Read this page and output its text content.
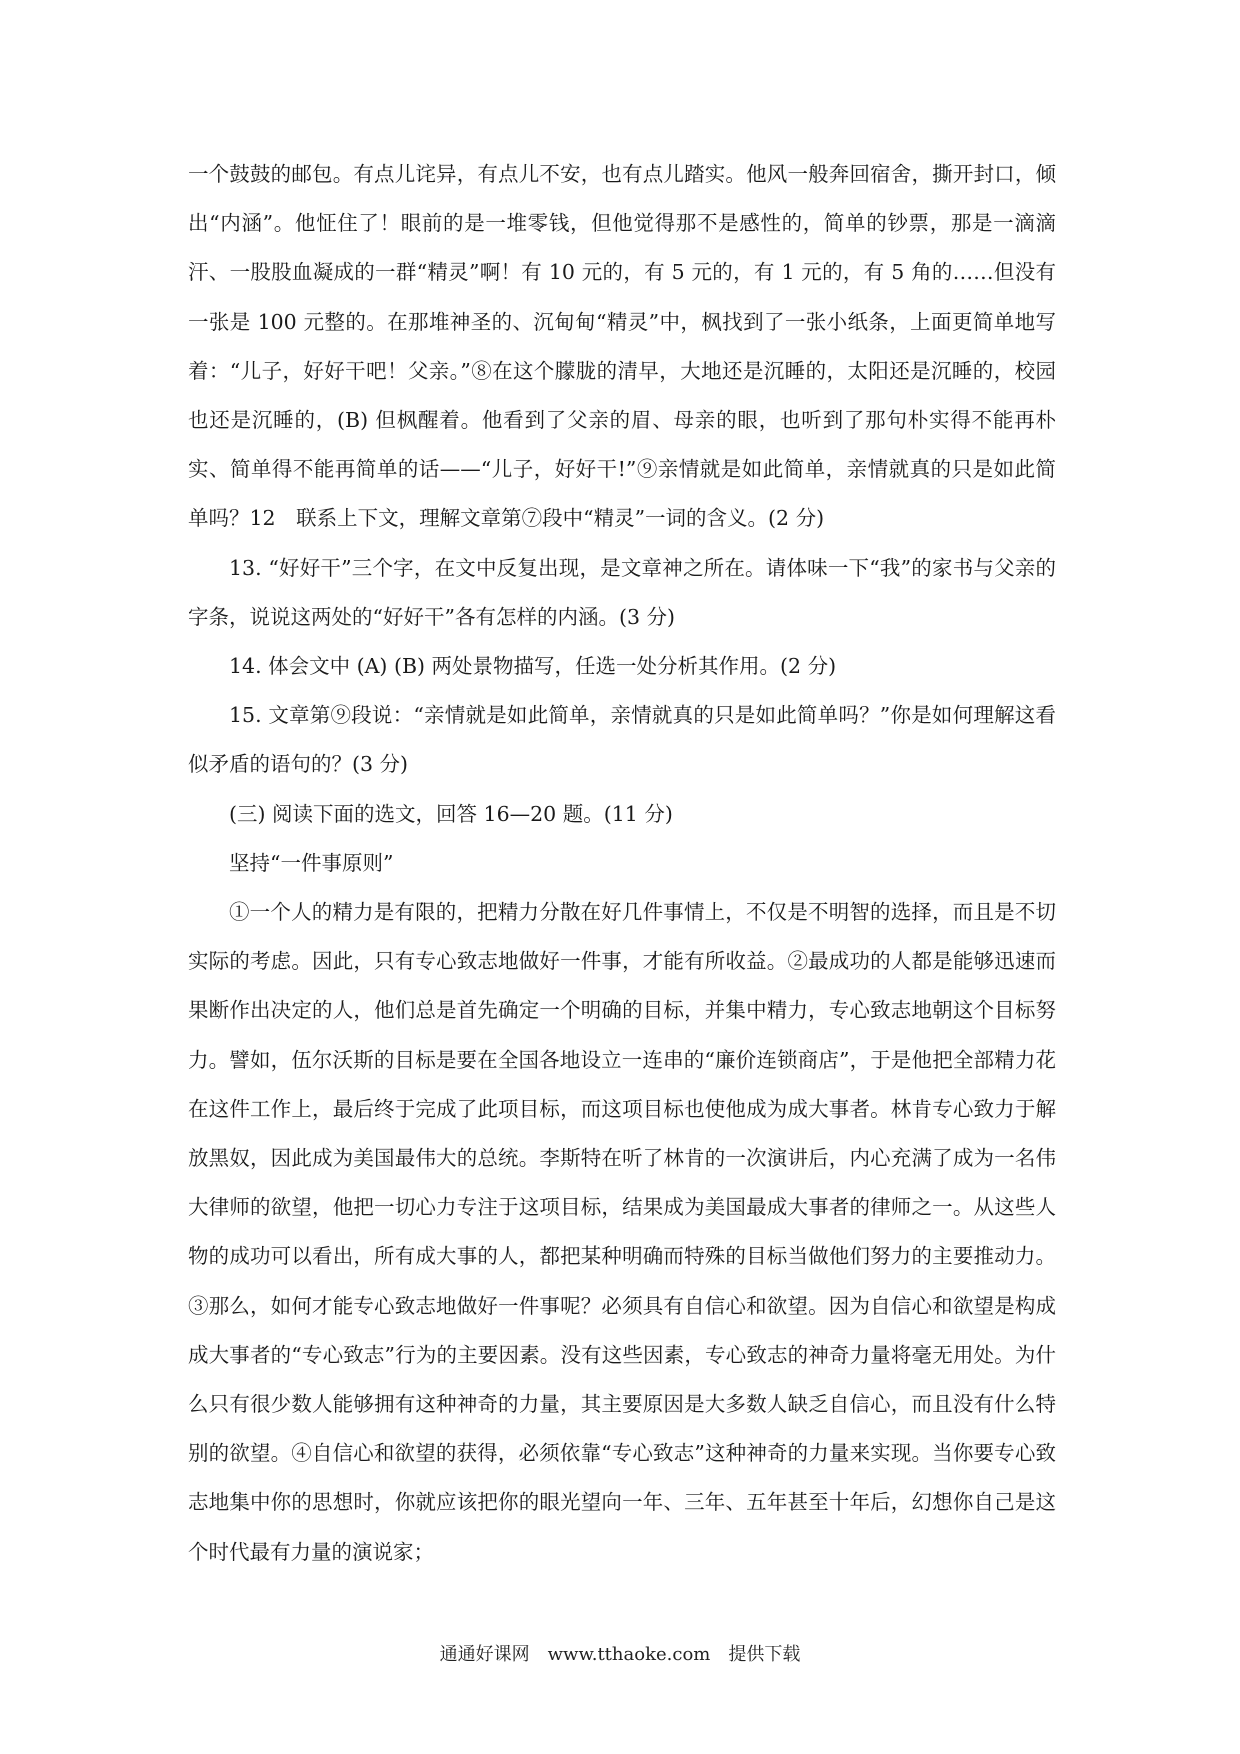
一个鼓鼓的邮包。有点儿诧异，有点儿不安，也有点儿踏实。他风一般奔回宿舍，撕开封口，倾出“内涵”。他怔住了！眼前的是一堆零钱，但他觉得那不是感性的，简单的钞票，那是一滴滴汗、一股股血凝成的一群“精灵”啊！有 10 元的，有 5 元的，有 1 元的，有 5 角的……但没有一张是 100 元整的。在那堆神圣的、沉甸甸“精灵”中，枫找到了一张小纸条，上面更简单地写着：“儿子，好好干吧！父亲。”⑧在这个朦胧的清早，大地还是沉睡的，太阳还是沉睡的，校园也还是沉睡的，(B) 但枫醒着。他看到了父亲的眉、母亲的眼，也听到了那句朴实得不能再朴实、简单得不能再简单的话——“儿子，好好干!”⑨亲情就是如此简单，亲情就真的只是如此简单吗？12　联系上下文，理解文章第⑦段中“精灵”一词的含义。(2 分)

13. “好好干”三个字，在文中反复出现，是文章神之所在。请体味一下“我”的家书与父亲的字条，说说这两处的“好好干”各有怎样的内涵。(3 分)

14. 体会文中 (A) (B) 两处景物描写，任选一处分析其作用。(2 分)

15. 文章第⑨段说：“亲情就是如此简单，亲情就真的只是如此简单吗？”你是如何理解这看似矛盾的语句的？(3 分)

(三) 阅读下面的选文，回答 16—20 题。(11 分)

坚持“一件事原则”

①一个人的精力是有限的，把精力分散在好几件事情上，不仅是不明智的选择，而且是不切实际的考虑。因此，只有专心致志地做好一件事，才能有所收益。②最成功的人都是能够迅速而果断作出决定的人，他们总是首先确定一个明确的目标，并集中精力，专心致志地朝这个目标努力。譬如，伍尔沃斯的目标是要在全国各地设立一连串的“廉价连锁商店”，于是他把全部精力花在这件工作上，最后终于完成了此项目标，而这项目标也使他成为成大事者。林肯专心致力于解放黑奴，因此成为美国最伟大的总统。李斯特在听了林肯的一次演讲后，内心充满了成为一名伟大律师的欲望，他把一切心力专注于这项目标，结果成为美国最成大事者的律师之一。从这些人物的成功可以看出，所有成大事的人，都把某种明确而特殊的目标当做他们努力的主要推动力。③那么，如何才能专心致志地做好一件事呢？必须具有自信心和欲望。因为自信心和欲望是构成成大事者的“专心致志”行为的主要因素。没有这些因素，专心致志的神奇力量将毫无用处。为什么只有很少数人能够拥有这种神奇的力量，其主要原因是大多数人缺乏自信心，而且没有什么特别的欲望。④自信心和欲望的获得，必须依靠“专心致志”这种神奇的力量来实现。当你要专心致志地集中你的思想时，你就应该把你的眼光望向一年、三年、五年甚至十年后，幻想你自己是这个时代最有力量的演说家；

通通好课网　www.tthaoke.com　提供下载
